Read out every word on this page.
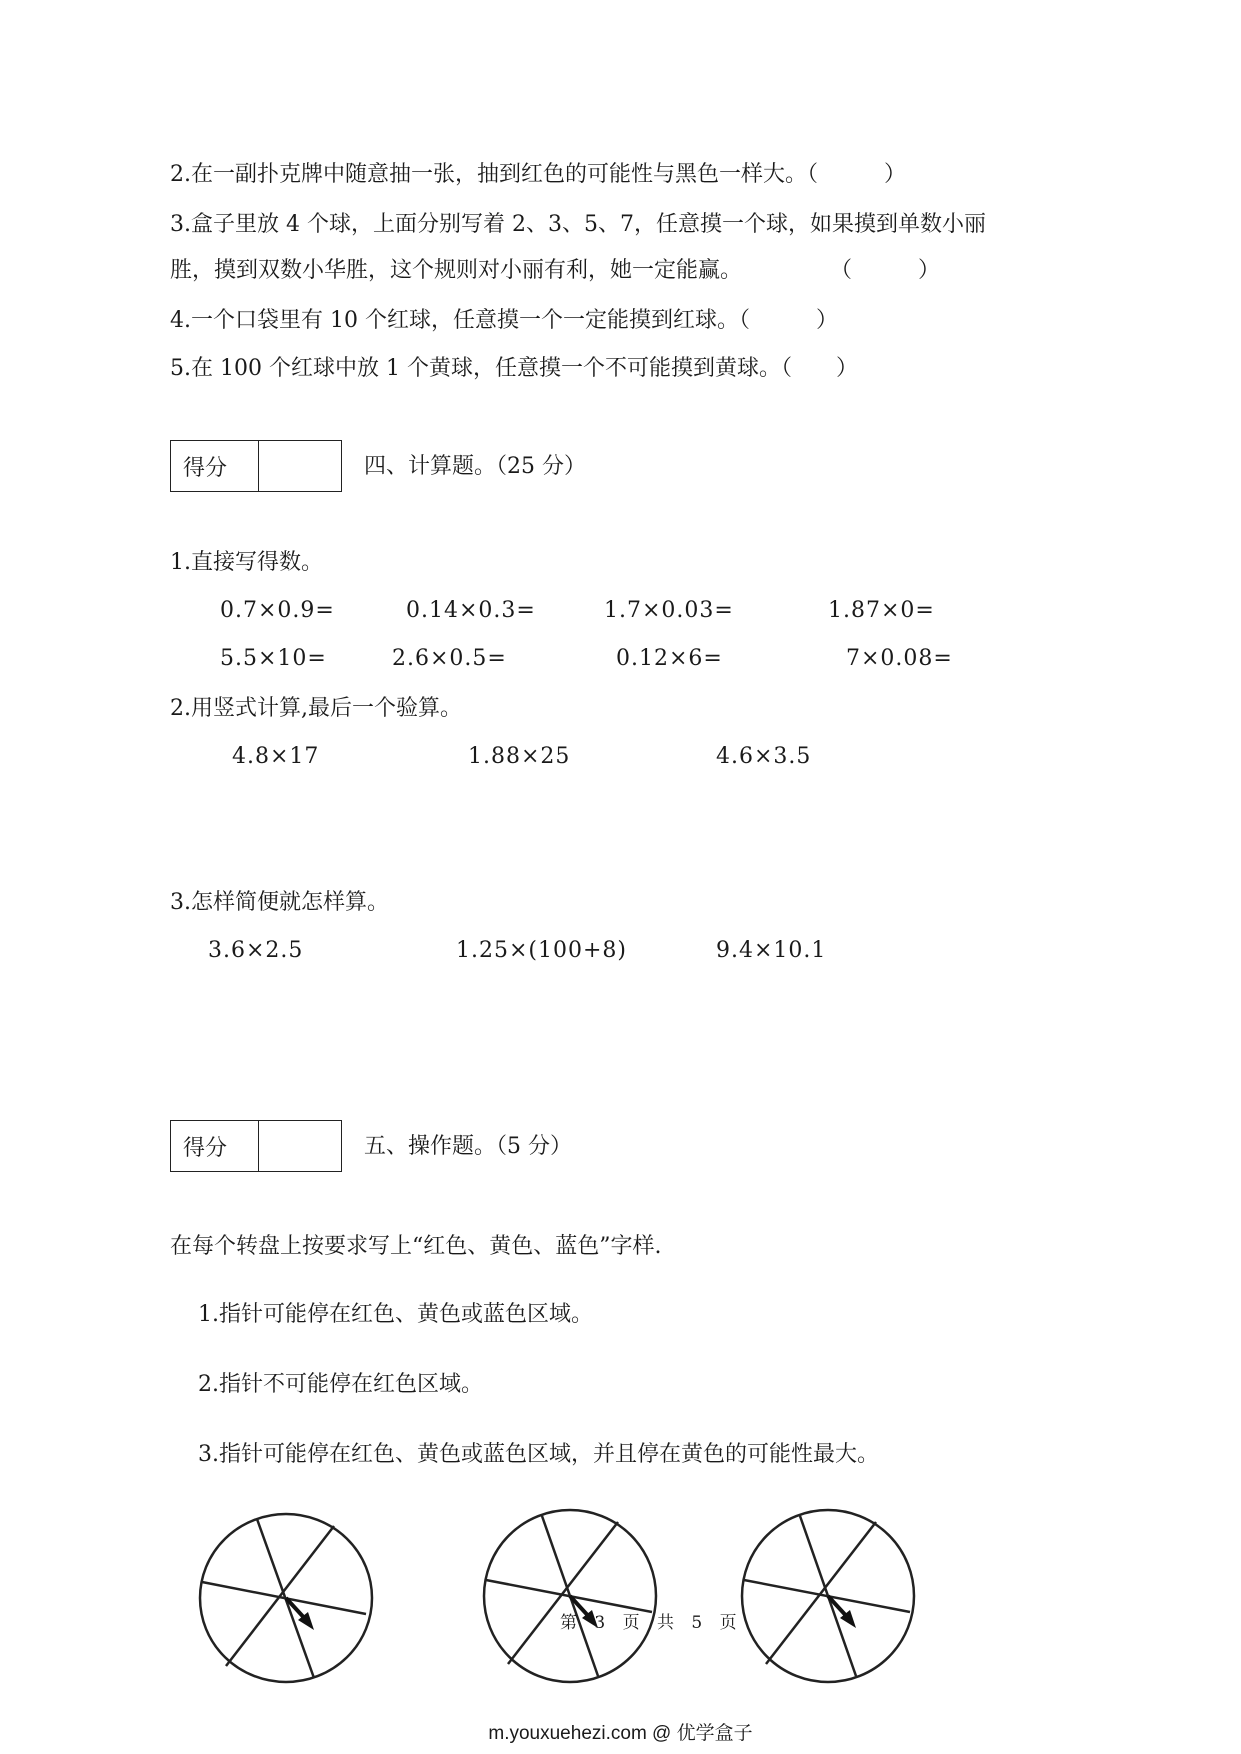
2.在一副扑克牌中随意抽一张，抽到红色的可能性与黑色一样大。（　　　）
3.盒子里放 4 个球，上面分别写着 2、3、5、7，任意摸一个球，如果摸到单数小丽
胜，摸到双数小华胜，这个规则对小丽有利，她一定能赢。　　　　　（　　　）
4.一个口袋里有 10 个红球，任意摸一个一定能摸到红球。（　　　）
5.在 100 个红球中放 1 个黄球，任意摸一个不可能摸到黄球。（　　）
得分	四、计算题。（25 分）
1.直接写得数。
0.7×0.9=	0.14×0.3=	1.7×0.03=	1.87×0=
5.5×10=	2.6×0.5=	0.12×6=	7×0.08=
2.用竖式计算,最后一个验算。
4.8×17	1.88×25	4.6×3.5
3.怎样简便就怎样算。
3.6×2.5	1.25×(100+8)	9.4×10.1
得分	五、操作题。（5 分）
在每个转盘上按要求写上“红色、黄色、蓝色”字样.
1.指针可能停在红色、黄色或蓝色区域。
2.指针不可能停在红色区域。
3.指针可能停在红色、黄色或蓝色区域，并且停在黄色的可能性最大。
第 3 页 共 5 页
m.youxuehezi.com @ 优学盒子
